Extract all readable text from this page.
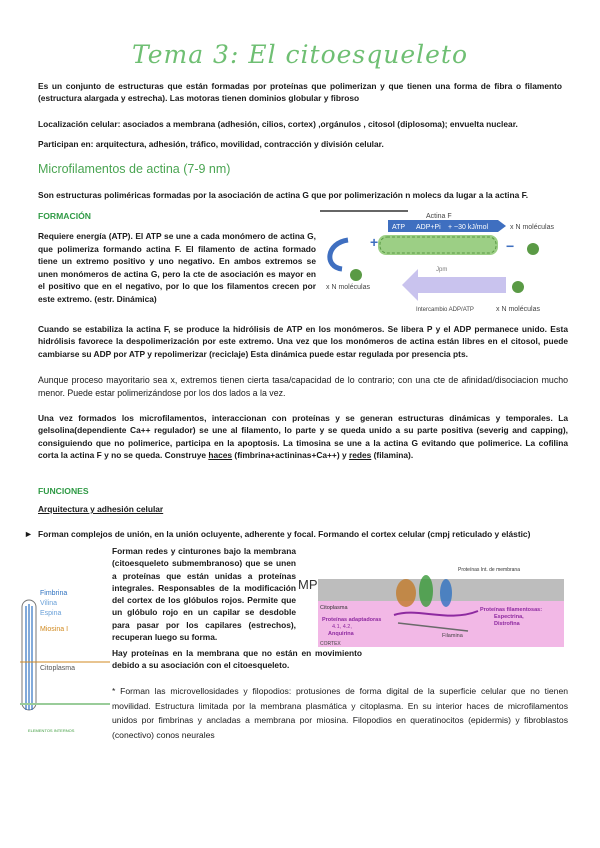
Tema 3: El citoesqueleto
Es un conjunto de estructuras que están formadas por proteínas que polimerizan y que tienen una forma de fibra o filamento (estructura alargada y estrecha). Las motoras tienen dominios globular y fibroso
Localización celular: asociados a membrana (adhesión, cilios, cortex) ,orgánulos , citosol (diplosoma); envuelta nuclear.
Participan en: arquitectura, adhesión, tráfico, movilidad, contracción y división celular.
Microfilamentos de actina (7-9 nm)
Son estructuras poliméricas formadas por la asociación de actina G que por polimerización n molecs da lugar a la actina F.
FORMACIÓN
Requiere energía (ATP). El ATP se une a cada monómero de actina G, que polimeriza formando actina F. El filamento de actina formado tiene un extremo positivo y uno negativo. En ambos extremos se unen monómeros de actina G, pero la cte de asociación es mayor en el positivo que en el negativo, por lo que los filamentos crecen por este extremo. (estr. Dinámica)
Actina F
ATP ADP+Pi + ~30 kJ/mol	x N moléculas
+	−
Jpm
x N moléculas
Intercambio ADP/ATP	x N moléculas
Cuando se estabiliza la actina F, se produce la hidrólisis de ATP en los monómeros. Se libera P y el ADP permanece unido. Esta hidrólisis favorece la despolimerización por este extremo. Una vez que los monómeros de actina están libres en el citosol, puede cambiarse su ADP por ATP y repolimerizar (reciclaje) Esta dinámica puede estar regulada por presencia pts.
Aunque proceso mayoritario sea x, extremos tienen cierta tasa/capacidad de lo contrario; con una cte de afinidad/disociacion mucho menor. Puede estar polimerizándose por los dos lados a la vez.
Una vez formados los microfilamentos, interaccionan con proteínas y se generan estructuras dinámicas y temporales. La gelsolina(dependiente Ca++ regulador) se une al filamento, lo parte y se queda unido a su parte positiva (severig and capping), consiguiendo que no polimerice, participa en la apoptosis. La timosina se une a la actina G evitando que polimerice. La cofilina corta la actina F y no se queda. Construye haces (fimbrina+actininas+Ca++) y redes (filamina).
FUNCIONES
Arquitectura y adhesión celular
► Forman complejos de unión, en la unión ocluyente, adherente y focal. Formando el cortex celular (cmpj reticulado y elástic)
Fimbrina
Vilina
Espina
Miosina I
Citoplasma
ELEMENTOS INTERNOS
Forman redes y cinturones bajo la membrana (citoesqueleto submembranoso) que se unen a proteínas que están unidas a proteínas integrales. Responsables de la modificación del cortex de los glóbulos rojos. Permite que un glóbulo rojo en un capilar se desdoble para pasar por los capilares (estrechos), recuperan luego su forma.
Hay proteínas en la membrana que no están en movimiento debido a su asociación con el citoesqueleto.
MP
Proteínas Int. de membrana
Citoplasma
Proteínas adaptadoras
4.1, 4.2,
Anquirina
CORTEX
Proteínas filamentosas:
Espectrina,
Distrofina
Filamina
* Forman las microvellosidades y filopodios: protusiones de forma digital de la superficie celular que no tienen movilidad. Estructura limitada por la membrana plasmática y citoplasma. En su interior haces de microfilamentos unidos por fimbrinas y ancladas a membrana por miosina. Filopodios en queratinocitos (epidermis) y fibroblastos (conectivo) conos neurales
